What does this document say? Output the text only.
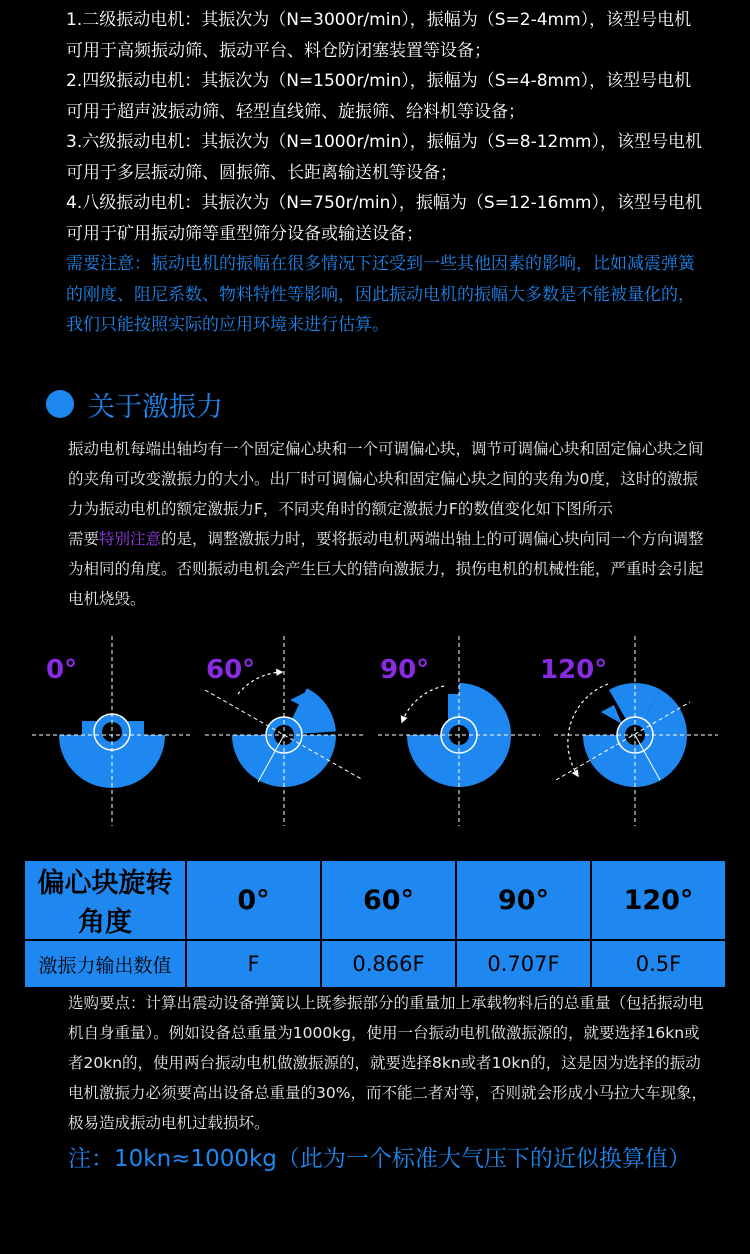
1.二级振动电机：其振次为（N=3000r/min），振幅为（S=2-4mm），该型号电机可用于高频振动筛、振动平台、料仓防闭塞装置等设备；

2.四级振动电机：其振次为（N=1500r/min），振幅为（S=4-8mm），该型号电机可用于超声波振动筛、轻型直线筛、旋振筛、给料机等设备；

3.六级振动电机：其振次为（N=1000r/min），振幅为（S=8-12mm），该型号电机可用于多层振动筛、圆振筛、长距离输送机等设备；

4.八级振动电机：其振次为（N=750r/min），振幅为（S=12-16mm），该型号电机可用于矿用振动筛等重型筛分设备或输送设备；

需要注意：振动电机的振幅在很多情况下还受到一些其他因素的影响，比如减震弹簧的刚度、阻尼系数、物料特性等影响，因此振动电机的振幅大多数是不能被量化的，我们只能按照实际的应用环境来进行估算。

关于激振力

振动电机每端出轴均有一个固定偏心块和一个可调偏心块，调节可调偏心块和固定偏心块之间的夹角可改变激振力的大小。出厂时可调偏心块和固定偏心块之间的夹角为0度，这时的激振力为振动电机的额定激振力F，不同夹角时的额定激振力F的数值变化如下图所示

需要特别注意的是，调整激振力时，要将振动电机两端出轴上的可调偏心块向同一个方向调整为相同的角度。否则振动电机会产生巨大的错向激振力，损伤电机的机械性能，严重时会引起电机烧毁。

0°	60°	90°	120°
偏心块旋转角度	0°	60°	90°	120°
激振力输出数值	F	0.866F	0.707F	0.5F

选购要点：计算出震动设备弹簧以上既参振部分的重量加上承载物料后的总重量（包括振动电机自身重量）。例如设备总重量为1000kg，使用一台振动电机做激振源的，就要选择16kn或者20kn的，使用两台振动电机做激振源的，就要选择8kn或者10kn的，这是因为选择的振动电机激振力必须要高出设备总重量的30%，而不能二者对等，否则就会形成小马拉大车现象，极易造成振动电机过载损坏。

注：10kn≈1000kg（此为一个标准大气压下的近似换算值）
